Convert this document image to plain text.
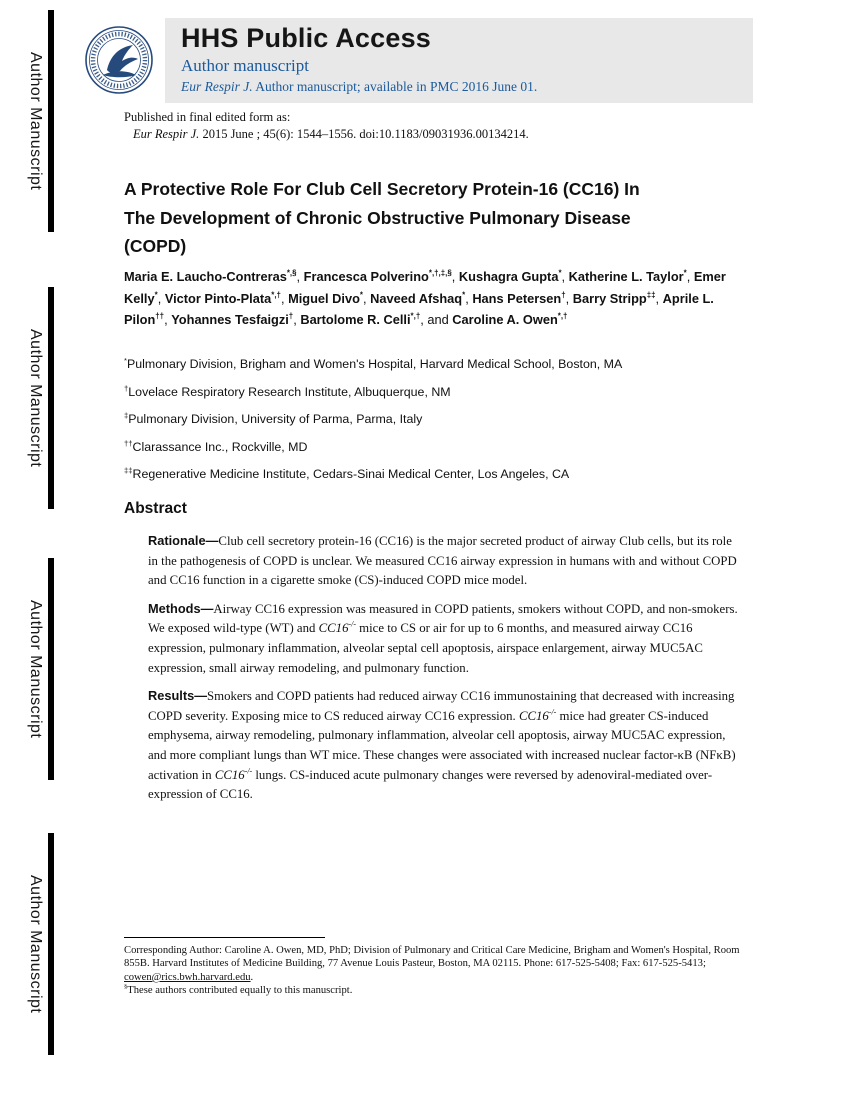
Author Manuscript
Author Manuscript
Author Manuscript
Author Manuscript
HHS Public Access
Author manuscript
Eur Respir J. Author manuscript; available in PMC 2016 June 01.
Published in final edited form as:
Eur Respir J. 2015 June ; 45(6): 1544–1556. doi:10.1183/09031936.00134214.
A Protective Role For Club Cell Secretory Protein-16 (CC16) In
The Development of Chronic Obstructive Pulmonary Disease
(COPD)
Maria E. Laucho-Contreras*,§, Francesca Polverino*,†,‡,§, Kushagra Gupta*, Katherine L. Taylor*, Emer Kelly*, Victor Pinto-Plata*,†, Miguel Divo*, Naveed Afshaq*, Hans Petersen†, Barry Stripp‡‡, Aprile L. Pilon††, Yohannes Tesfaigzi†, Bartolome R. Celli*,†, and Caroline A. Owen*,†
*Pulmonary Division, Brigham and Women's Hospital, Harvard Medical School, Boston, MA
†Lovelace Respiratory Research Institute, Albuquerque, NM
‡Pulmonary Division, University of Parma, Parma, Italy
††Clarassance Inc., Rockville, MD
‡‡Regenerative Medicine Institute, Cedars-Sinai Medical Center, Los Angeles, CA
Abstract

Rationale—Club cell secretory protein-16 (CC16) is the major secreted product of airway Club cells, but its role in the pathogenesis of COPD is unclear. We measured CC16 airway expression in humans with and without COPD and CC16 function in a cigarette smoke (CS)-induced COPD mice model.

Methods—Airway CC16 expression was measured in COPD patients, smokers without COPD, and non-smokers. We exposed wild-type (WT) and CC16-/- mice to CS or air for up to 6 months, and measured airway CC16 expression, pulmonary inflammation, alveolar septal cell apoptosis, airspace enlargement, airway MUC5AC expression, small airway remodeling, and pulmonary function.

Results—Smokers and COPD patients had reduced airway CC16 immunostaining that decreased with increasing COPD severity. Exposing mice to CS reduced airway CC16 expression. CC16-/- mice had greater CS-induced emphysema, airway remodeling, pulmonary inflammation, alveolar cell apoptosis, airway MUC5AC expression, and more compliant lungs than WT mice. These changes were associated with increased nuclear factor-κB (NFκB) activation in CC16-/- lungs. CS-induced acute pulmonary changes were reversed by adenoviral-mediated over-expression of CC16.

Corresponding Author: Caroline A. Owen, MD, PhD; Division of Pulmonary and Critical Care Medicine, Brigham and Women's Hospital, Room 855B. Harvard Institutes of Medicine Building, 77 Avenue Louis Pasteur, Boston, MA 02115. Phone: 617-525-5408; Fax: 617-525-5413; cowen@rics.bwh.harvard.edu.
§These authors contributed equally to this manuscript.
